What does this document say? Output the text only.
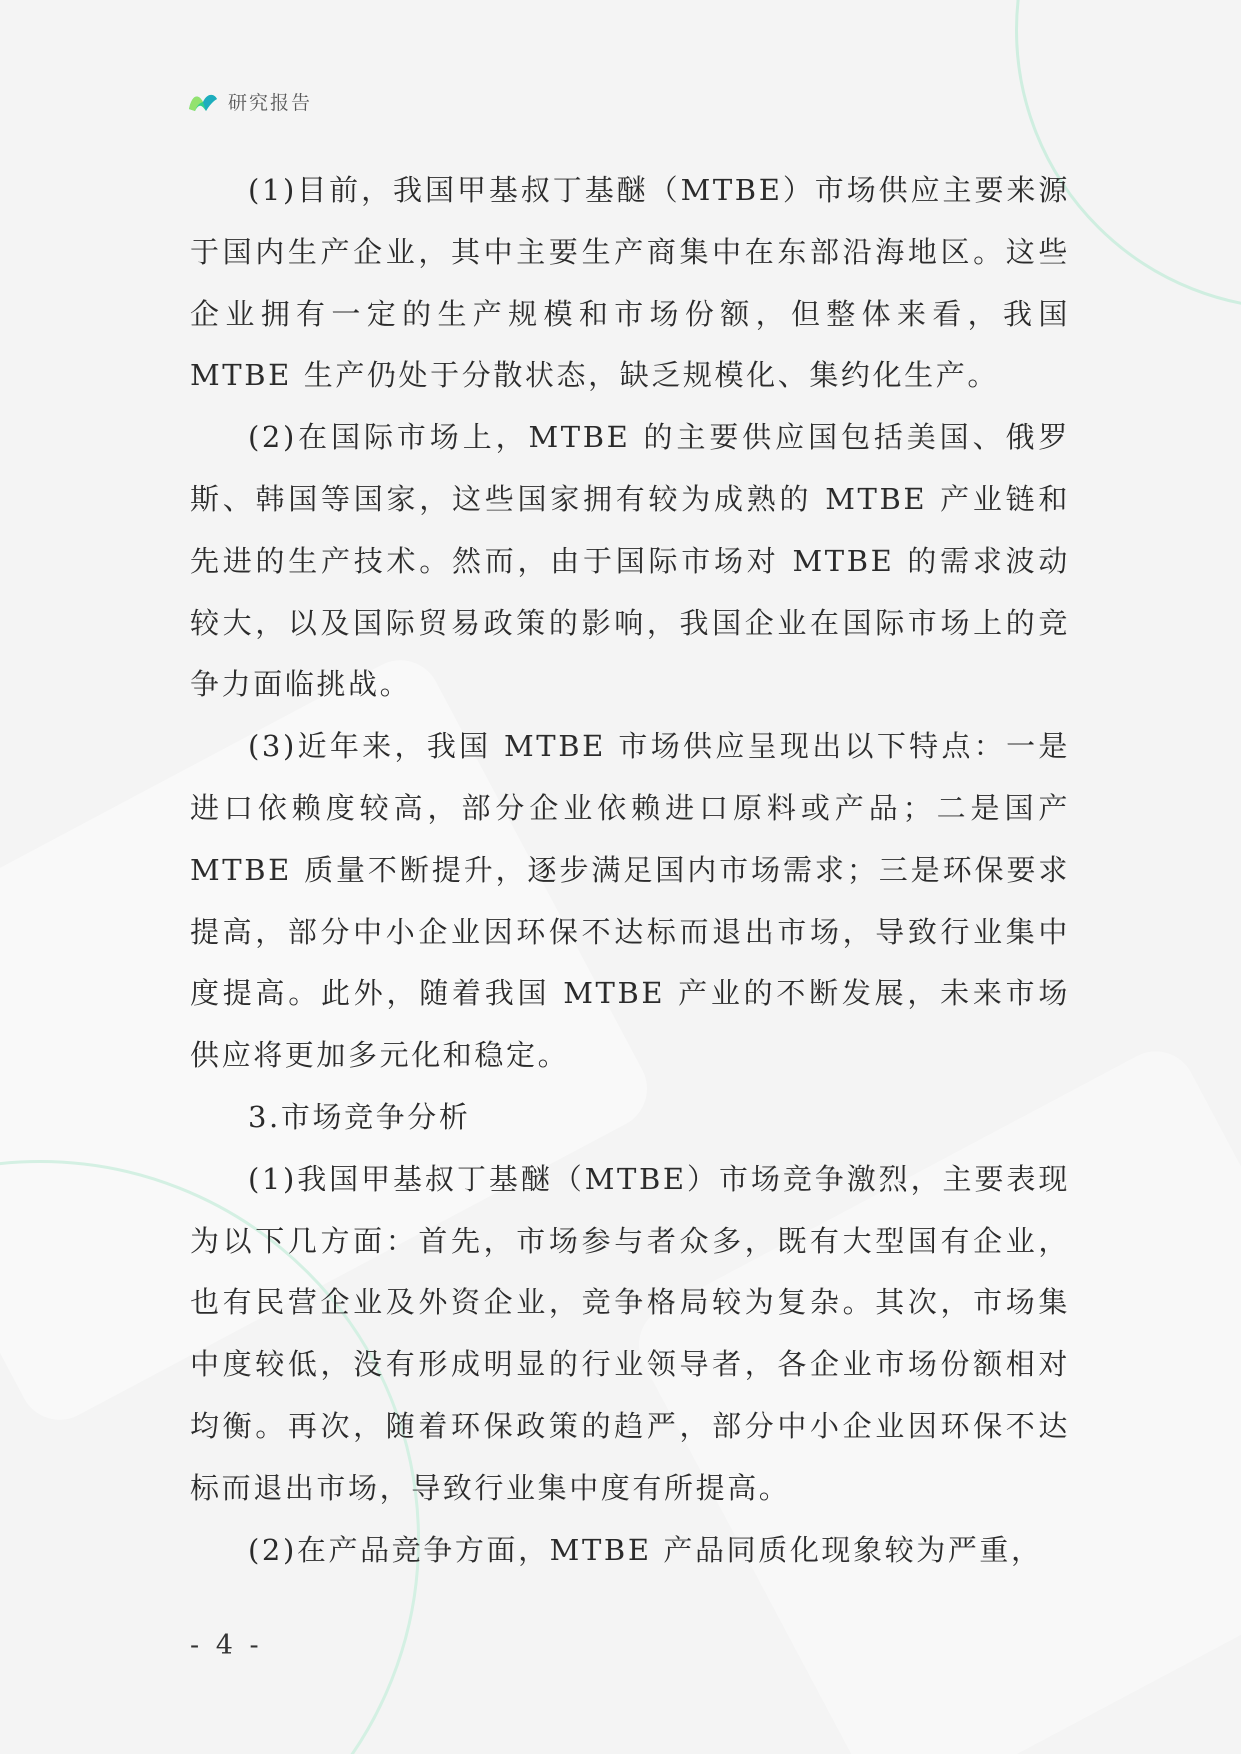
研究报告

(1)目前，我国甲基叔丁基醚（MTBE）市场供应主要来源于国内生产企业，其中主要生产商集中在东部沿海地区。这些企业拥有一定的生产规模和市场份额，但整体来看，我国 MTBE 生产仍处于分散状态，缺乏规模化、集约化生产。

(2)在国际市场上，MTBE 的主要供应国包括美国、俄罗斯、韩国等国家，这些国家拥有较为成熟的 MTBE 产业链和先进的生产技术。然而，由于国际市场对 MTBE 的需求波动较大，以及国际贸易政策的影响，我国企业在国际市场上的竞争力面临挑战。

(3)近年来，我国 MTBE 市场供应呈现出以下特点：一是进口依赖度较高，部分企业依赖进口原料或产品；二是国产 MTBE 质量不断提升，逐步满足国内市场需求；三是环保要求提高，部分中小企业因环保不达标而退出市场，导致行业集中度提高。此外，随着我国 MTBE 产业的不断发展，未来市场供应将更加多元化和稳定。

3.市场竞争分析

(1)我国甲基叔丁基醚（MTBE）市场竞争激烈，主要表现为以下几方面：首先，市场参与者众多，既有大型国有企业，也有民营企业及外资企业，竞争格局较为复杂。其次，市场集中度较低，没有形成明显的行业领导者，各企业市场份额相对均衡。再次，随着环保政策的趋严，部分中小企业因环保不达标而退出市场，导致行业集中度有所提高。

(2)在产品竞争方面，MTBE 产品同质化现象较为严重，

- 4 -
